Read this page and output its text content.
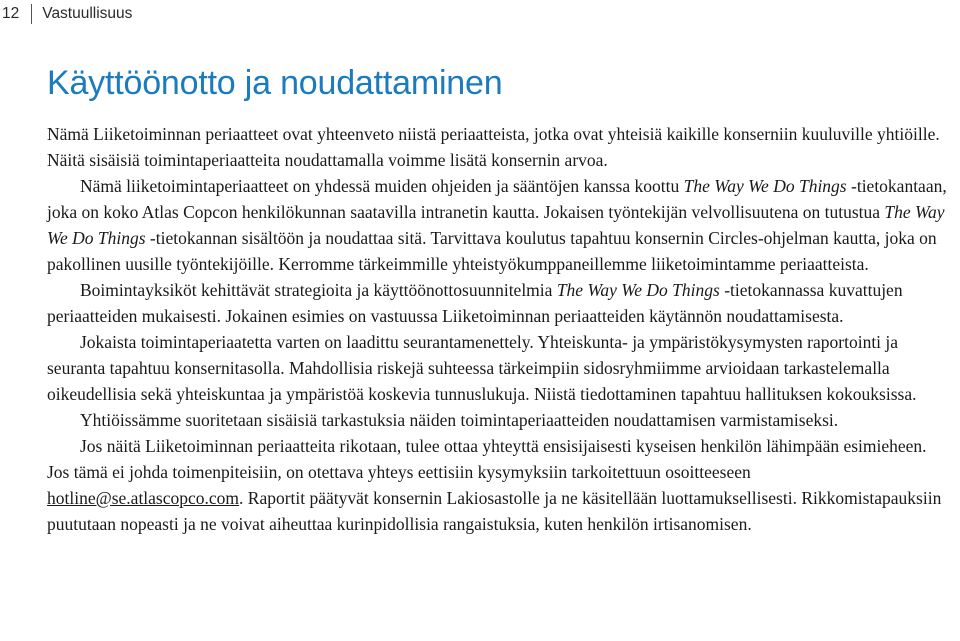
12	Vastuullisuus
Käyttöönotto ja noudattaminen

Nämä Liiketoiminnan periaatteet ovat yhteenveto niistä periaatteista, jotka ovat yhteisiä kaikille konserniin kuuluville yhtiöille. Näitä sisäisiä toimintaperiaatteita noudattamalla voimme lisätä konsernin arvoa.

Nämä liiketoimintaperiaatteet on yhdessä muiden ohjeiden ja sääntöjen kanssa koottu The Way We Do Things -tietokantaan, joka on koko Atlas Copcon henkilökunnan saatavilla intranetin kautta. Jokaisen työntekijän velvollisuutena on tutustua The Way We Do Things -tietokannan sisältöön ja noudattaa sitä. Tarvittava koulutus tapahtuu konsernin Circles-ohjelman kautta, joka on pakollinen uusille työntekijöille. Kerromme tärkeimmille yhteistyökumppaneillemme liiketoimintamme periaatteista.

Boimintayksiköt kehittävät strategioita ja käyttöönottosuunnitelmia The Way We Do Things -tietokannassa kuvattujen periaatteiden mukaisesti. Jokainen esimies on vastuussa Liiketoiminnan periaatteiden käytännön noudattamisesta.

Jokaista toimintaperiaatetta varten on laadittu seurantamenettely. Yhteiskunta- ja ympäristökysymysten raportointi ja seuranta tapahtuu konsernitasolla. Mahdollisia riskejä suhteessa tärkeimpiin sidosryhmiimme arvioidaan tarkastelemalla oikeudellisia sekä yhteiskuntaa ja ympäristöä koskevia tunnuslukuja. Niistä tiedottaminen tapahtuu hallituksen kokouksissa.

Yhtiöissämme suoritetaan sisäisiä tarkastuksia näiden toimintaperiaatteiden noudattamisen varmistamiseksi.

Jos näitä Liiketoiminnan periaatteita rikotaan, tulee ottaa yhteyttä ensisijaisesti kyseisen henkilön lähimpään esimieheen. Jos tämä ei johda toimenpiteisiin, on otettava yhteys eettisiin kysymyksiin tarkoitettuun osoitteeseen hotline@se.atlascopco.com. Raportit päätyvät konsernin Lakiosastolle ja ne käsitellään luottamuksellisesti. Rikkomistapauksiin puututaan nopeasti ja ne voivat aiheuttaa kurinpidollisia rangaistuksia, kuten henkilön irtisanomisen.
